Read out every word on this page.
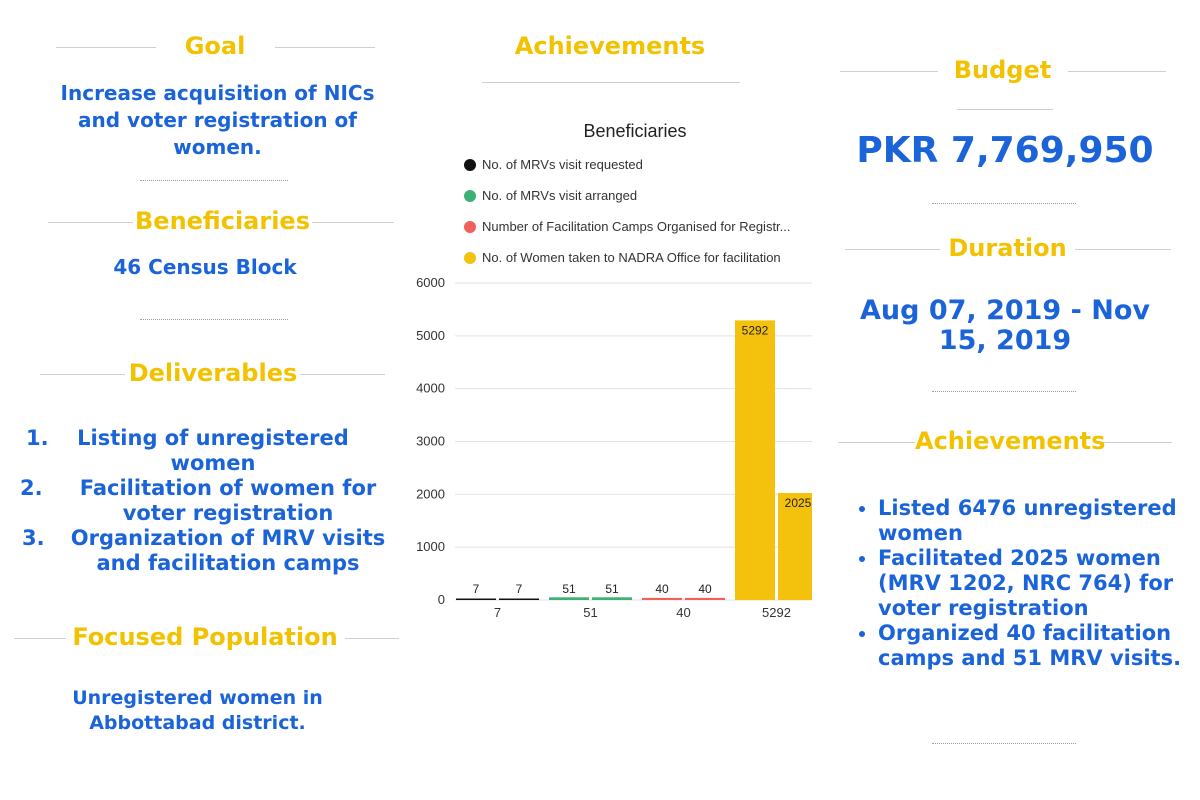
Goal
Increase acquisition of NICs and voter registration of women.
Beneficiaries
46 Census Block
Deliverables
1. Listing of unregistered women
2. Facilitation of women for voter registration
3. Organization of MRV visits and facilitation camps
Focused Population
Unregistered women in Abbottabad district.
Achievements
Beneficiaries
No. of MRVs visit requested
No. of MRVs visit arranged
Number of Facilitation Camps Organised for Registr...
No. of Women taken to NADRA Office for facilitation
0
1000
2000
3000
4000
5000
6000
7	7	51 51	40 40
5292
2025
7	51	40	5292
Budget
PKR 7,769,950
Duration
Aug 07, 2019 - Nov 15, 2019
Achievements
• Listed 6476 unregistered women
• Facilitated 2025 women (MRV 1202, NRC 764) for voter registration
• Organized 40 facilitation camps and 51 MRV visits.
